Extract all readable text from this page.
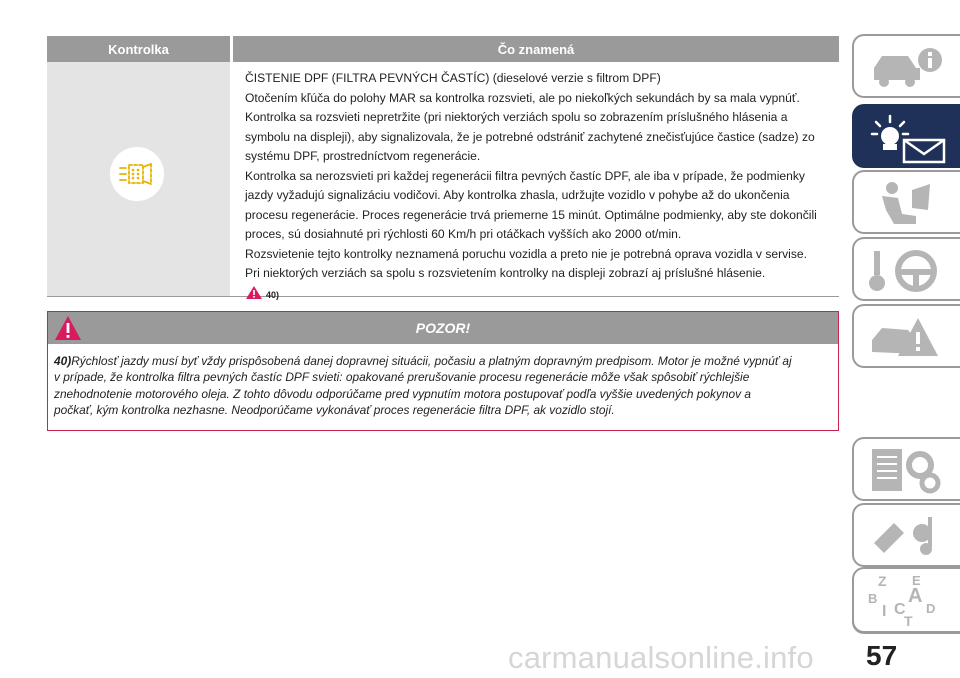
Kontrolka	Čo znamená
ČISTENIE DPF (FILTRA PEVNÝCH ČASTÍC) (dieselové verzie s filtrom DPF)
Otočením kľúča do polohy MAR sa kontrolka rozsvieti, ale po niekoľkých sekundách by sa mala vypnúť.
Kontrolka sa rozsvieti nepretržite (pri niektorých verziách spolu so zobrazením príslušného hlásenia a
symbolu na displeji), aby signalizovala, že je potrebné odstrániť zachytené znečisťujúce častice (sadze) zo
systému DPF, prostredníctvom regenerácie.
Kontrolka sa nerozsvieti pri každej regenerácii filtra pevných častíc DPF, ale iba v prípade, že podmienky
jazdy vyžadujú signalizáciu vodičovi. Aby kontrolka zhasla, udržujte vozidlo v pohybe až do ukončenia
procesu regenerácie. Proces regenerácie trvá priemerne 15 minút. Optimálne podmienky, aby ste dokončili
proces, sú dosiahnuté pri rýchlosti 60 Km/h pri otáčkach vyšších ako 2000 ot/min.
Rozsvietenie tejto kontrolky neznamená poruchu vozidla a preto nie je potrebná oprava vozidla v servise.
Pri niektorých verziách sa spolu s rozsvietením kontrolky na displeji zobrazí aj príslušné hlásenie.
40)
POZOR!
40)Rýchlosť jazdy musí byť vždy prispôsobená danej dopravnej situácii, počasiu a platným dopravným predpisom. Motor je možné vypnúť aj
v prípade, že kontrolka filtra pevných častíc DPF svieti: opakované prerušovanie procesu regenerácie môže však spôsobiť rýchlejšie
znehodnotenie motorového oleja. Z tohto dôvodu odporúčame pred vypnutím motora postupovať podľa vyššie uvedených pokynov a
počkať, kým kontrolka nezhasne. Neodporúčame vykonávať proces regenerácie filtra DPF, ak vozidlo stojí.
Z E
B A
I C D
T
carmanualsonline.info 57
